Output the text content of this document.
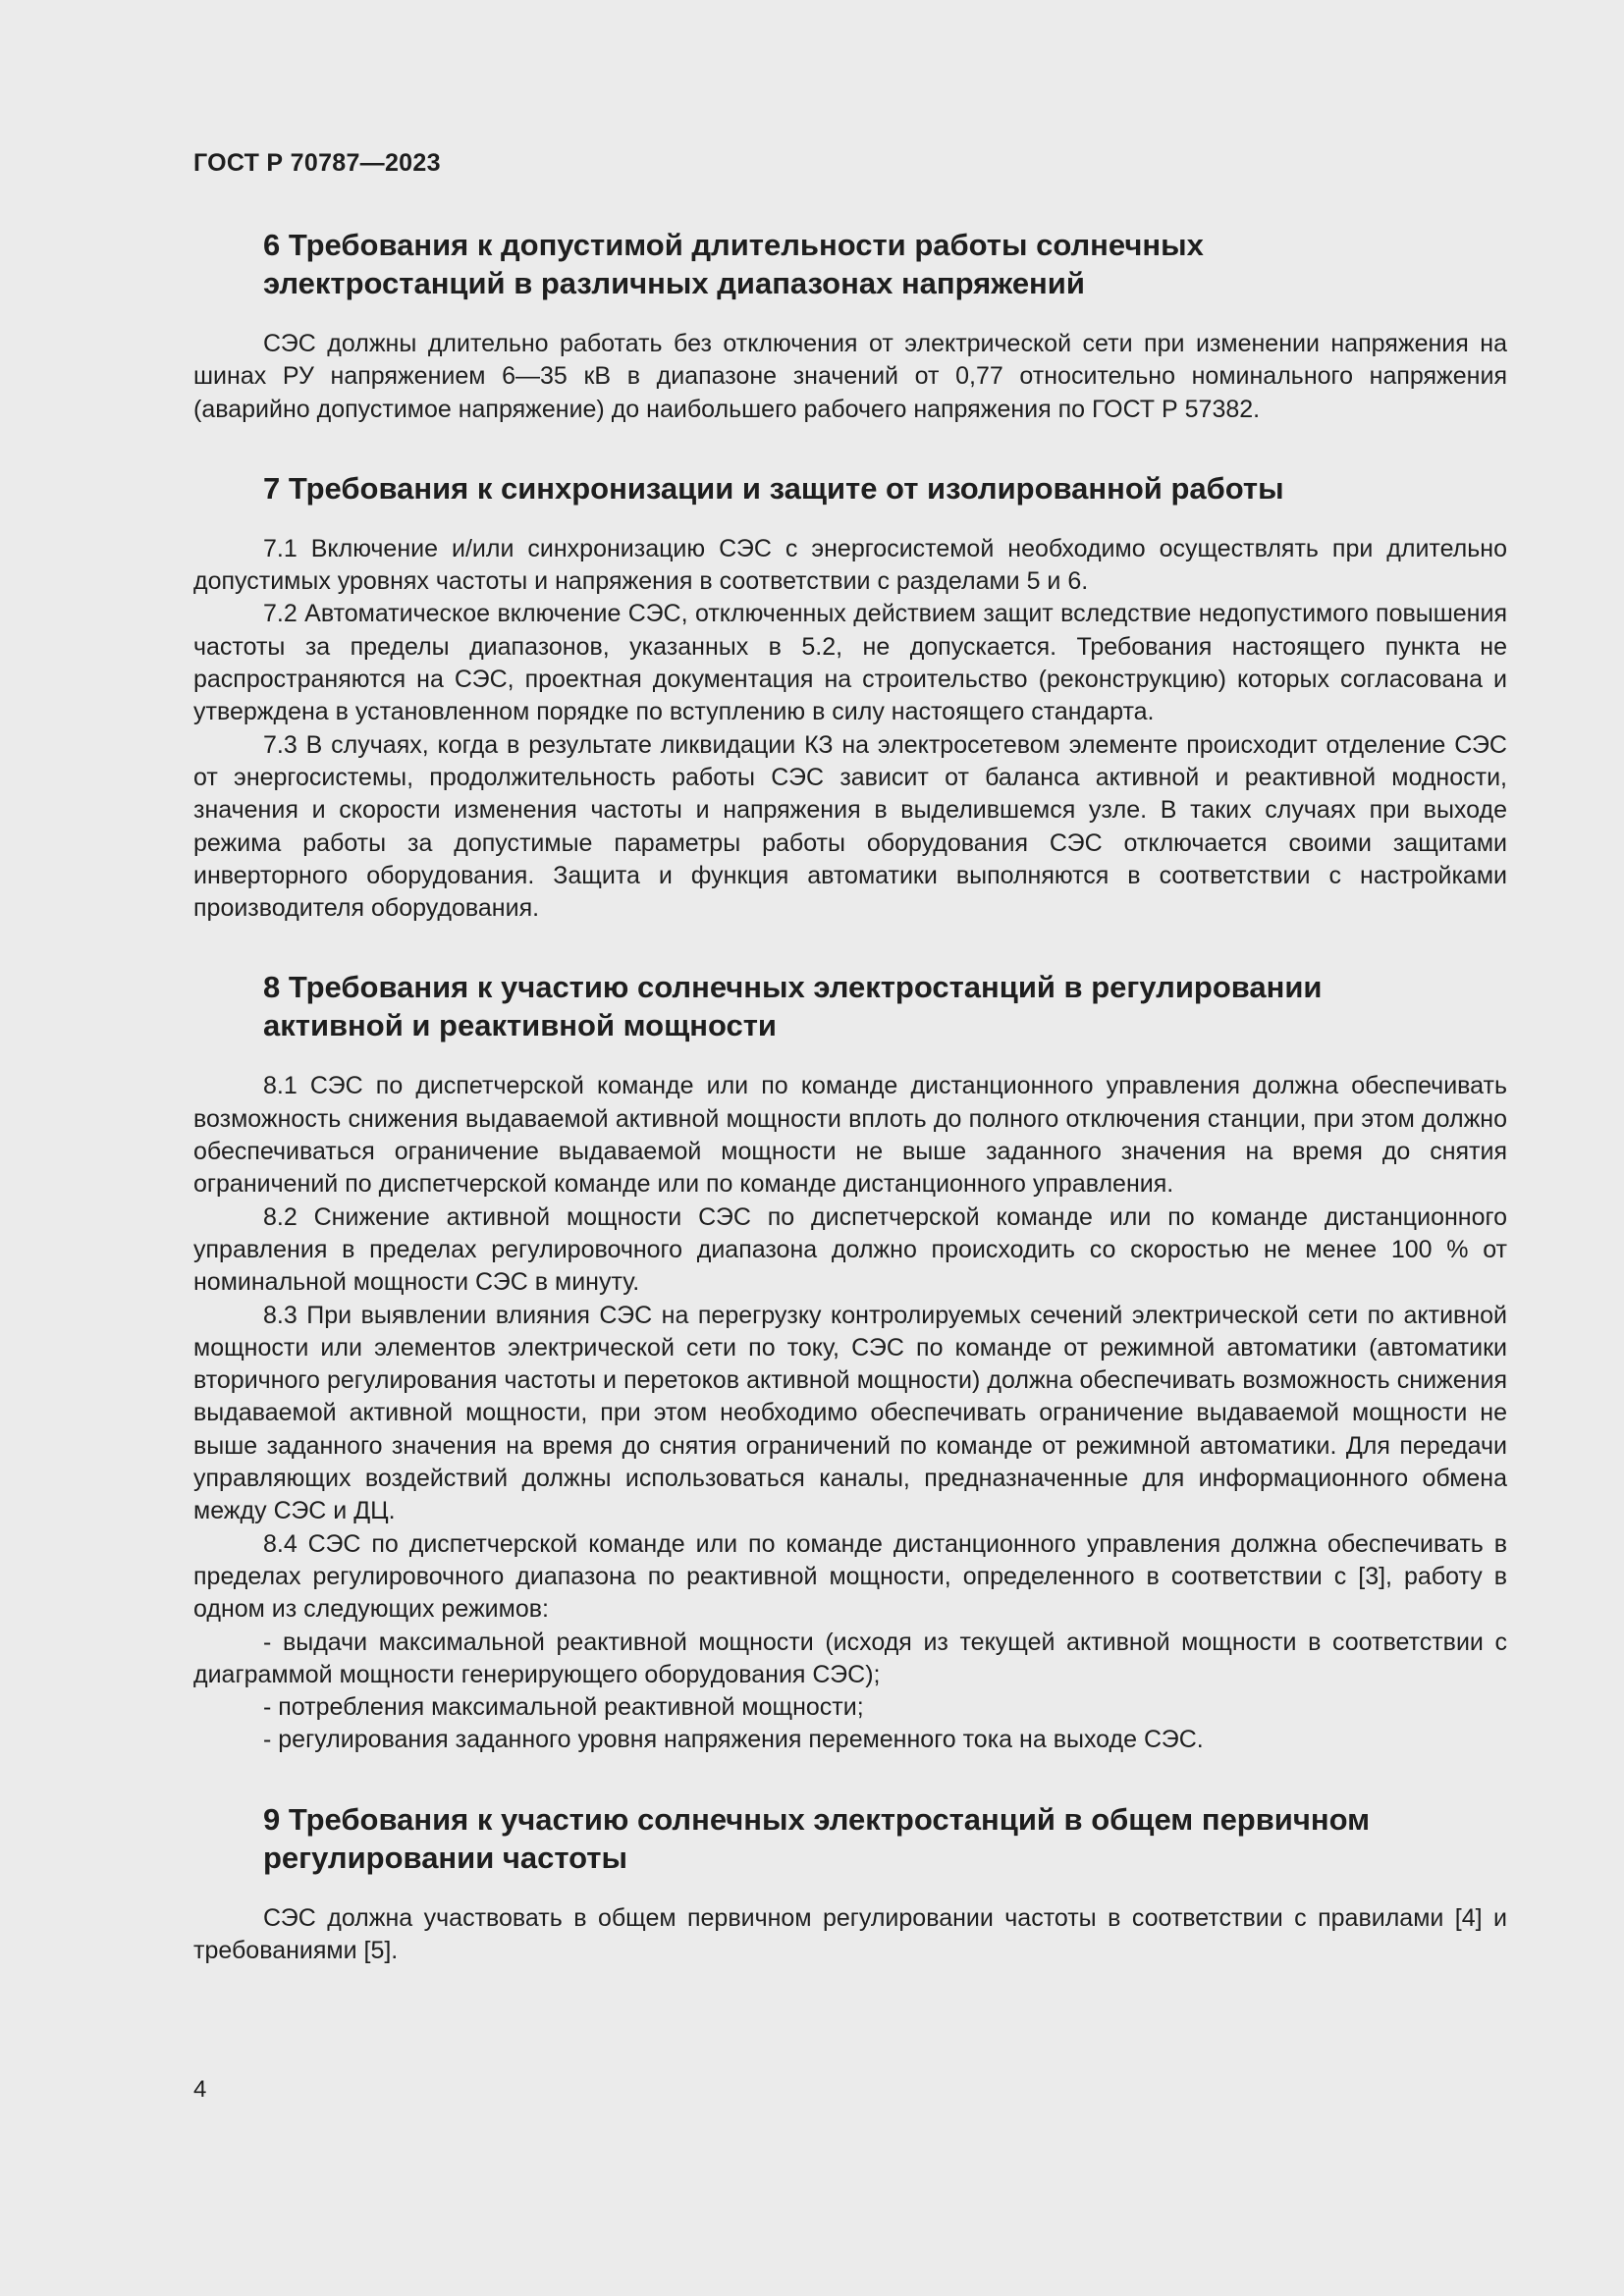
ГОСТ Р 70787—2023
6 Требования к допустимой длительности работы солнечных
электростанций в различных диапазонах напряжений

СЭС должны длительно работать без отключения от электрической сети при изменении напряжения на шинах РУ напряжением 6—35 кВ в диапазоне значений от 0,77 относительно номинального напряжения (аварийно допустимое напряжение) до наибольшего рабочего напряжения по ГОСТ Р 57382.

7 Требования к синхронизации и защите от изолированной работы

7.1 Включение и/или синхронизацию СЭС с энергосистемой необходимо осуществлять при длительно допустимых уровнях частоты и напряжения в соответствии с разделами 5 и 6.

7.2 Автоматическое включение СЭС, отключенных действием защит вследствие недопустимого повышения частоты за пределы диапазонов, указанных в 5.2, не допускается. Требования настоящего пункта не распространяются на СЭС, проектная документация на строительство (реконструкцию) которых согласована и утверждена в установленном порядке по вступлению в силу настоящего стандарта.

7.3 В случаях, когда в результате ликвидации КЗ на электросетевом элементе происходит отделение СЭС от энергосистемы, продолжительность работы СЭС зависит от баланса активной и реактивной модности, значения и скорости изменения частоты и напряжения в выделившемся узле. В таких случаях при выходе режима работы за допустимые параметры работы оборудования СЭС отключается своими защитами инверторного оборудования. Защита и функция автоматики выполняются в соответствии с настройками производителя оборудования.

8 Требования к участию солнечных электростанций в регулировании
активной и реактивной мощности

8.1 СЭС по диспетчерской команде или по команде дистанционного управления должна обеспечивать возможность снижения выдаваемой активной мощности вплоть до полного отключения станции, при этом должно обеспечиваться ограничение выдаваемой мощности не выше заданного значения на время до снятия ограничений по диспетчерской команде или по команде дистанционного управления.

8.2 Снижение активной мощности СЭС по диспетчерской команде или по команде дистанционного управления в пределах регулировочного диапазона должно происходить со скоростью не менее 100 % от номинальной мощности СЭС в минуту.

8.3 При выявлении влияния СЭС на перегрузку контролируемых сечений электрической сети по активной мощности или элементов электрической сети по току, СЭС по команде от режимной автоматики (автоматики вторичного регулирования частоты и перетоков активной мощности) должна обеспечивать возможность снижения выдаваемой активной мощности, при этом необходимо обеспечивать ограничение выдаваемой мощности не выше заданного значения на время до снятия ограничений по команде от режимной автоматики. Для передачи управляющих воздействий должны использоваться каналы, предназначенные для информационного обмена между СЭС и ДЦ.

8.4 СЭС по диспетчерской команде или по команде дистанционного управления должна обеспечивать в пределах регулировочного диапазона по реактивной мощности, определенного в соответствии с [3], работу в одном из следующих режимов:

- выдачи максимальной реактивной мощности (исходя из текущей активной мощности в соответствии с диаграммой мощности генерирующего оборудования СЭС);

- потребления максимальной реактивной мощности;

- регулирования заданного уровня напряжения переменного тока на выходе СЭС.

9 Требования к участию солнечных электростанций в общем первичном
регулировании частоты

СЭС должна участвовать в общем первичном регулировании частоты в соответствии с правилами [4] и требованиями [5].

4
